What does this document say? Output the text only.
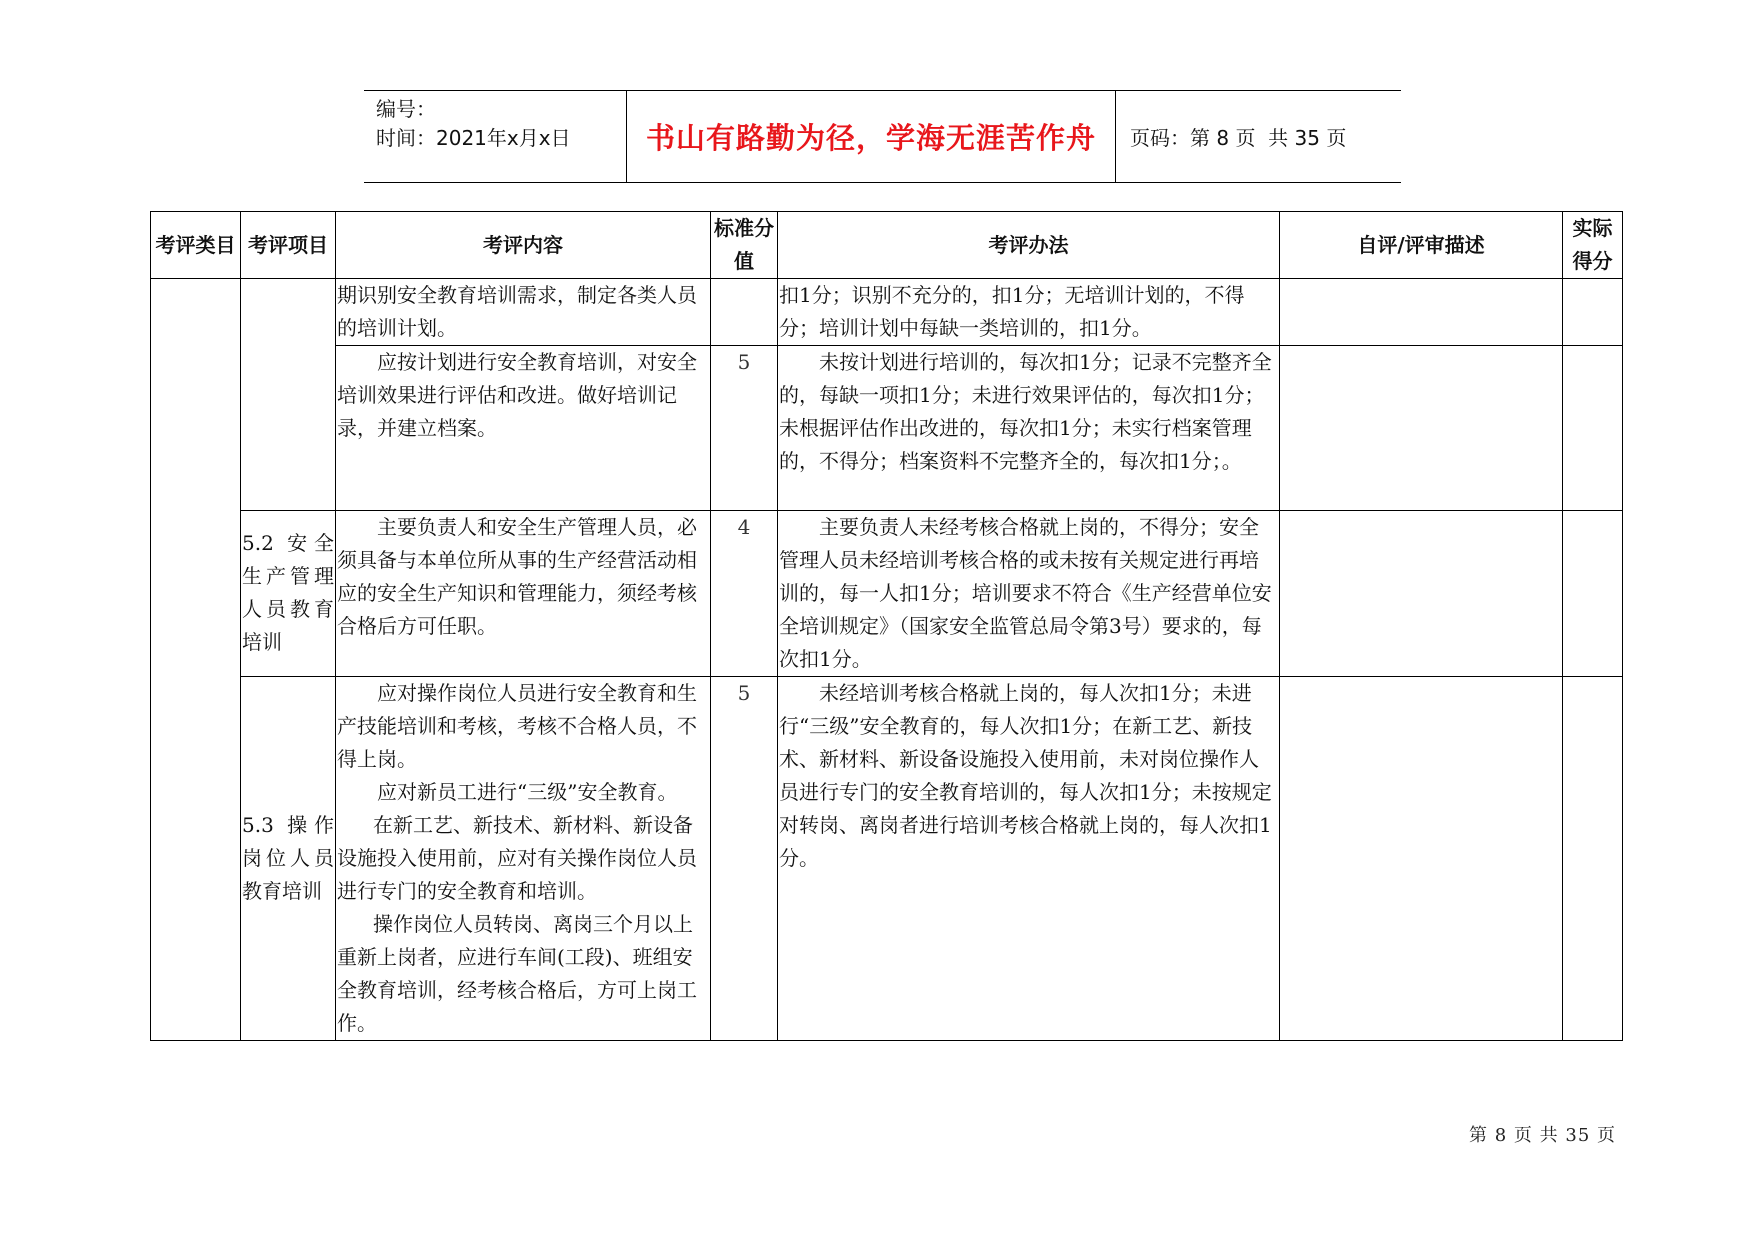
编号：
时间：2021年x月x日	书山有路勤为径，学海无涯苦作舟	页码：第 8 页  共 35 页
考评类目	考评项目	考评内容	标准分值	考评办法	自评/评审描述	实际得分

		期识别安全教育培训需求，制定各类人员的培训计划。		扣1分；识别不充分的，扣1分；无培训计划的，不得分；培训计划中每缺一类培训的，扣1分。		

		应按计划进行安全教育培训，对安全培训效果进行评估和改进。做好培训记录，并建立档案。	5	未按计划进行培训的，每次扣1分；记录不完整齐全的，每缺一项扣1分；未进行效果评估的，每次扣1分；未根据评估作出改进的，每次扣1分；未实行档案管理的，不得分；档案资料不完整齐全的，每次扣1分；。		

	5.2 安全生产管理人员教育培训	主要负责人和安全生产管理人员，必须具备与本单位所从事的生产经营活动相应的安全生产知识和管理能力，须经考核合格后方可任职。	4	主要负责人未经考核合格就上岗的，不得分；安全管理人员未经培训考核合格的或未按有关规定进行再培训的，每一人扣1分；培训要求不符合《生产经营单位安全培训规定》（国家安全监管总局令第3号）要求的，每次扣1分。		

	5.3 操作岗位人员教育培训	应对操作岗位人员进行安全教育和生产技能培训和考核，考核不合格人员，不得上岗。
应对新员工进行“三级”安全教育。
在新工艺、新技术、新材料、新设备设施投入使用前，应对有关操作岗位人员进行专门的安全教育和培训。
操作岗位人员转岗、离岗三个月以上重新上岗者，应进行车间(工段)、班组安全教育培训，经考核合格后，方可上岗工作。	5	未经培训考核合格就上岗的，每人次扣1分；未进行“三级”安全教育的，每人次扣1分；在新工艺、新技术、新材料、新设备设施投入使用前，未对岗位操作人员进行专门的安全教育培训的，每人次扣1分；未按规定对转岗、离岗者进行培训考核合格就上岗的，每人次扣1分。		

第 8 页 共 35 页
